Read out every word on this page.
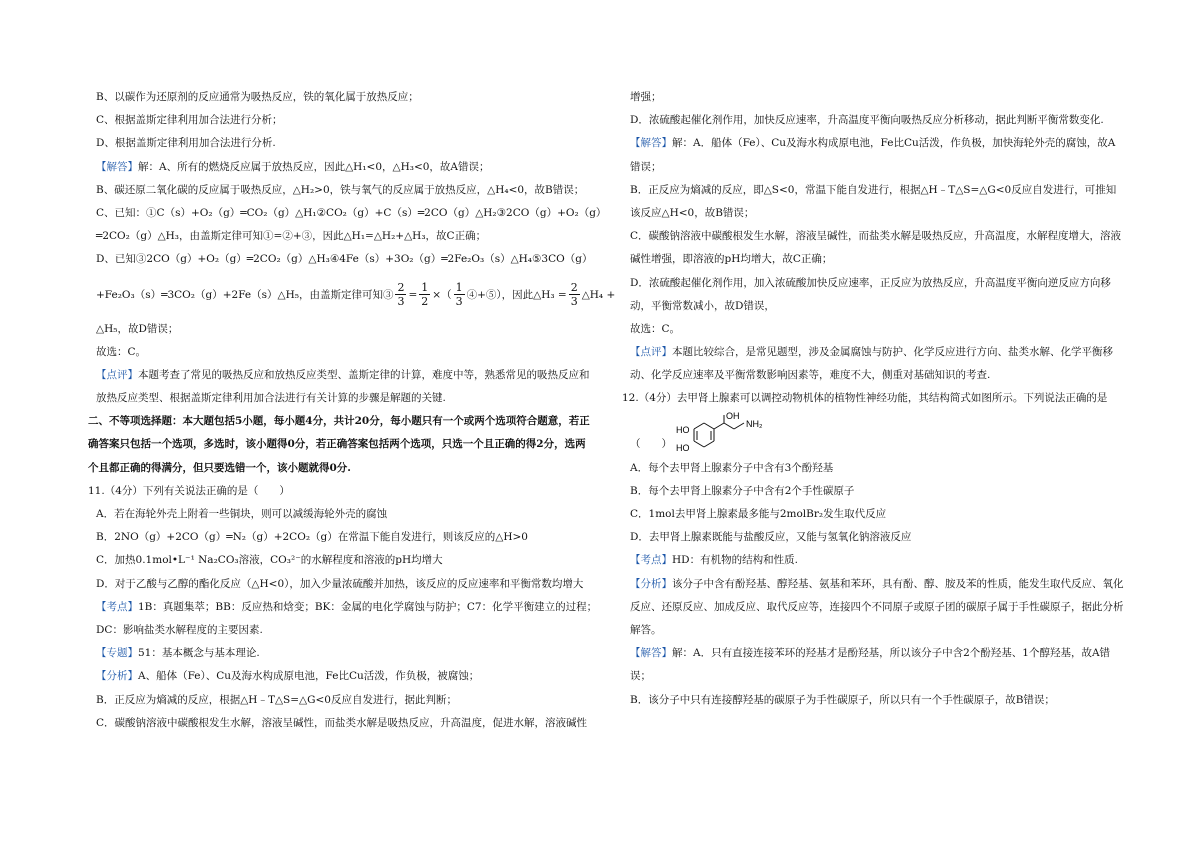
B、以碳作为还原剂的反应通常为吸热反应，铁的氧化属于放热反应；
C、根据盖斯定律利用加合法进行分析；
D、根据盖斯定律利用加合法进行分析.
【解答】解：A、所有的燃烧反应属于放热反应，因此△H₁<0，△H₃<0，故A错误；
B、碳还原二氧化碳的反应属于吸热反应，△H₂>0，铁与氧气的反应属于放热反应，△H₄<0，故B错误；
C、已知：①C（s）+O₂（g）═CO₂（g）△H₁②CO₂（g）+C（s）═2CO（g）△H₂③2CO（g）+O₂（g）
═2CO₂（g）△H₃，由盖斯定律可知①=②+③，因此△H₁=△H₂+△H₃，故C正确；
D、已知③2CO（g）+O₂（g）═2CO₂（g）△H₃④4Fe（s）+3O₂（g）═2Fe₂O₃（s）△H₄⑤3CO（g）
+Fe₂O₃（s）═3CO₂（g）+2Fe（s）△H₅，由盖斯定律可知③ $\frac{2}{3} = \frac{1}{2}$ ×（ $\frac{1}{3}$ ④+⑤），因此△H₃ = $\frac{2}{3}$ △H₄ +
△H₅，故D错误；
故选：C。
【点评】本题考查了常见的吸热反应和放热反应类型、盖斯定律的计算，难度中等，熟悉常见的吸热反应和
放热反应类型、根据盖斯定律利用加合法进行有关计算的步骤是解题的关键.
二、不等项选择题：本大题包括5小题，每小题4分，共计20分，每小题只有一个或两个选项符合题意，若正
确答案只包括一个选项，多选时，该小题得0分，若正确答案包括两个选项，只选一个且正确的得2分，选两
个且都正确的得满分，但只要选错一个，该小题就得0分.
11.（4分）下列有关说法正确的是（　　）
A．若在海轮外壳上附着一些铜块，则可以减缓海轮外壳的腐蚀
B．2NO（g）+2CO（g）═N₂（g）+2CO₂（g）在常温下能自发进行，则该反应的△H>0
C．加热0.1mol•L⁻¹ Na₂CO₃溶液，CO₃²⁻的水解程度和溶液的pH均增大
D．对于乙酸与乙醇的酯化反应（△H<0），加入少量浓硫酸并加热，该反应的反应速率和平衡常数均增大
【考点】1B：真题集萃；BB：反应热和焓变；BK：金属的电化学腐蚀与防护；C7：化学平衡建立的过程；
DC：影响盐类水解程度的主要因素.
【专题】51：基本概念与基本理论.
【分析】A、船体（Fe）、Cu及海水构成原电池，Fe比Cu活泼，作负极，被腐蚀；
B．正反应为熵减的反应，根据△H﹣T△S=△G<0反应自发进行，据此判断；
C．碳酸钠溶液中碳酸根发生水解，溶液呈碱性，而盐类水解是吸热反应，升高温度，促进水解，溶液碱性
增强；
D．浓硫酸起催化剂作用，加快反应速率，升高温度平衡向吸热反应分析移动，据此判断平衡常数变化.
【解答】解：A．船体（Fe）、Cu及海水构成原电池，Fe比Cu活泼，作负极，加快海轮外壳的腐蚀，故A
错误；
B．正反应为熵减的反应，即△S<0，常温下能自发进行，根据△H﹣T△S=△G<0反应自发进行，可推知
该反应△H<0，故B错误；
C．碳酸钠溶液中碳酸根发生水解，溶液呈碱性，而盐类水解是吸热反应，升高温度，水解程度增大，溶液
碱性增强，即溶液的pH均增大，故C正确；
D．浓硫酸起催化剂作用，加入浓硫酸加快反应速率，正反应为放热反应，升高温度平衡向逆反应方向移
动，平衡常数减小，故D错误，
故选：C。
【点评】本题比较综合，是常见题型，涉及金属腐蚀与防护、化学反应进行方向、盐类水解、化学平衡移
动、化学反应速率及平衡常数影响因素等，难度不大，侧重对基础知识的考查.
12.（4分）去甲肾上腺素可以调控动物机体的植物性神经功能，其结构简式如图所示。下列说法正确的是
（　　）
HO
HO
OH
NH₂
A．每个去甲肾上腺素分子中含有3个酚羟基
B．每个去甲肾上腺素分子中含有2个手性碳原子
C．1mol去甲肾上腺素最多能与2molBr₂发生取代反应
D．去甲肾上腺素既能与盐酸反应，又能与氢氧化钠溶液反应
【考点】HD：有机物的结构和性质.
【分析】该分子中含有酚羟基、醇羟基、氨基和苯环，具有酚、醇、胺及苯的性质，能发生取代反应、氧化
反应、还原反应、加成反应、取代反应等，连接四个不同原子或原子团的碳原子属于手性碳原子，据此分析
解答。
【解答】解：A．只有直接连接苯环的羟基才是酚羟基，所以该分子中含2个酚羟基、1个醇羟基，故A错
误；
B．该分子中只有连接醇羟基的碳原子为手性碳原子，所以只有一个手性碳原子，故B错误；
